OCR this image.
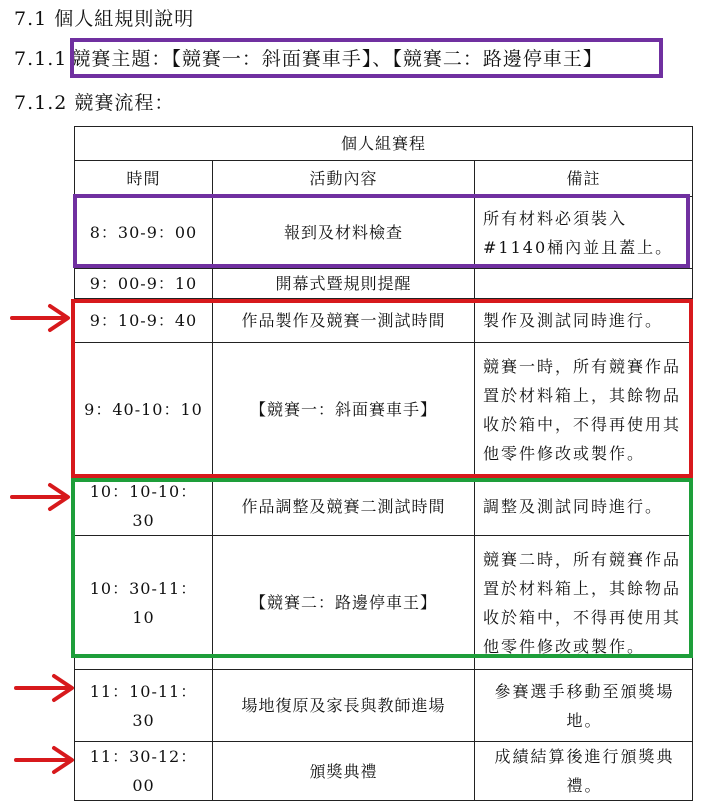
7.1 個人組規則說明
7.1.1 競賽主題：【競賽一：斜面賽車手】、【競賽二：路邊停車王】
7.1.2 競賽流程：
個人組賽程		
時間	活動內容	備註
8：30-9：00	報到及材料檢查	所有材料必須裝入#1140桶內並且蓋上。
9：00-9：10	開幕式暨規則提醒	
9：10-9：40	作品製作及競賽一測試時間	製作及測試同時進行。
9：40-10：10	【競賽一：斜面賽車手】	競賽一時，所有競賽作品置於材料箱上，其餘物品收於箱中，不得再使用其他零件修改或製作。
10：10-10：30	作品調整及競賽二測試時間	調整及測試同時進行。
10：30-11：10	【競賽二：路邊停車王】	競賽二時，所有競賽作品置於材料箱上，其餘物品收於箱中，不得再使用其他零件修改或製作。
11：10-11：30	場地復原及家長與教師進場	參賽選手移動至頒獎場地。
11：30-12：00	頒獎典禮	成績結算後進行頒獎典禮。
